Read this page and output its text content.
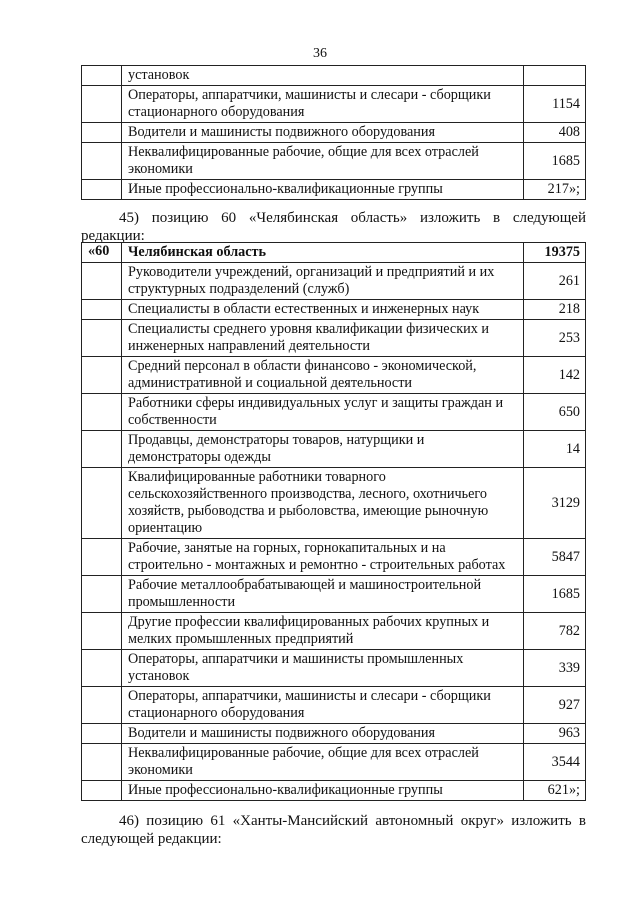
36
	установок	
	Операторы, аппаратчики, машинисты и слесари - сборщики стационарного оборудования	1154
	Водители и машинисты подвижного оборудования	408
	Неквалифицированные рабочие, общие для всех отраслей экономики	1685
	Иные профессионально-квалификационные группы	217»;
45) позицию 60 «Челябинская область» изложить в следующей
редакции:
«60	Челябинская область	19375
	Руководители учреждений, организаций и предприятий и их структурных подразделений (служб)	261
	Специалисты в области естественных и инженерных наук	218
	Специалисты среднего уровня квалификации физических и инженерных направлений деятельности	253
	Средний персонал в области финансово - экономической, административной и социальной деятельности	142
	Работники сферы индивидуальных услуг и защиты граждан и собственности	650
	Продавцы, демонстраторы товаров, натурщики и демонстраторы одежды	14
	Квалифицированные работники товарного сельскохозяйственного производства, лесного, охотничьего хозяйств, рыбоводства и рыболовства, имеющие рыночную ориентацию	3129
	Рабочие, занятые на горных, горнокапитальных и на строительно - монтажных и ремонтно - строительных работах	5847
	Рабочие металлообрабатывающей и машиностроительной промышленности	1685
	Другие профессии квалифицированных рабочих крупных и мелких промышленных предприятий	782
	Операторы, аппаратчики и машинисты промышленных установок	339
	Операторы, аппаратчики, машинисты и слесари - сборщики стационарного оборудования	927
	Водители и машинисты подвижного оборудования	963
	Неквалифицированные рабочие, общие для всех отраслей экономики	3544
	Иные профессионально-квалификационные группы	621»;
46) позицию 61 «Ханты-Мансийский автономный округ» изложить в
следующей редакции:
